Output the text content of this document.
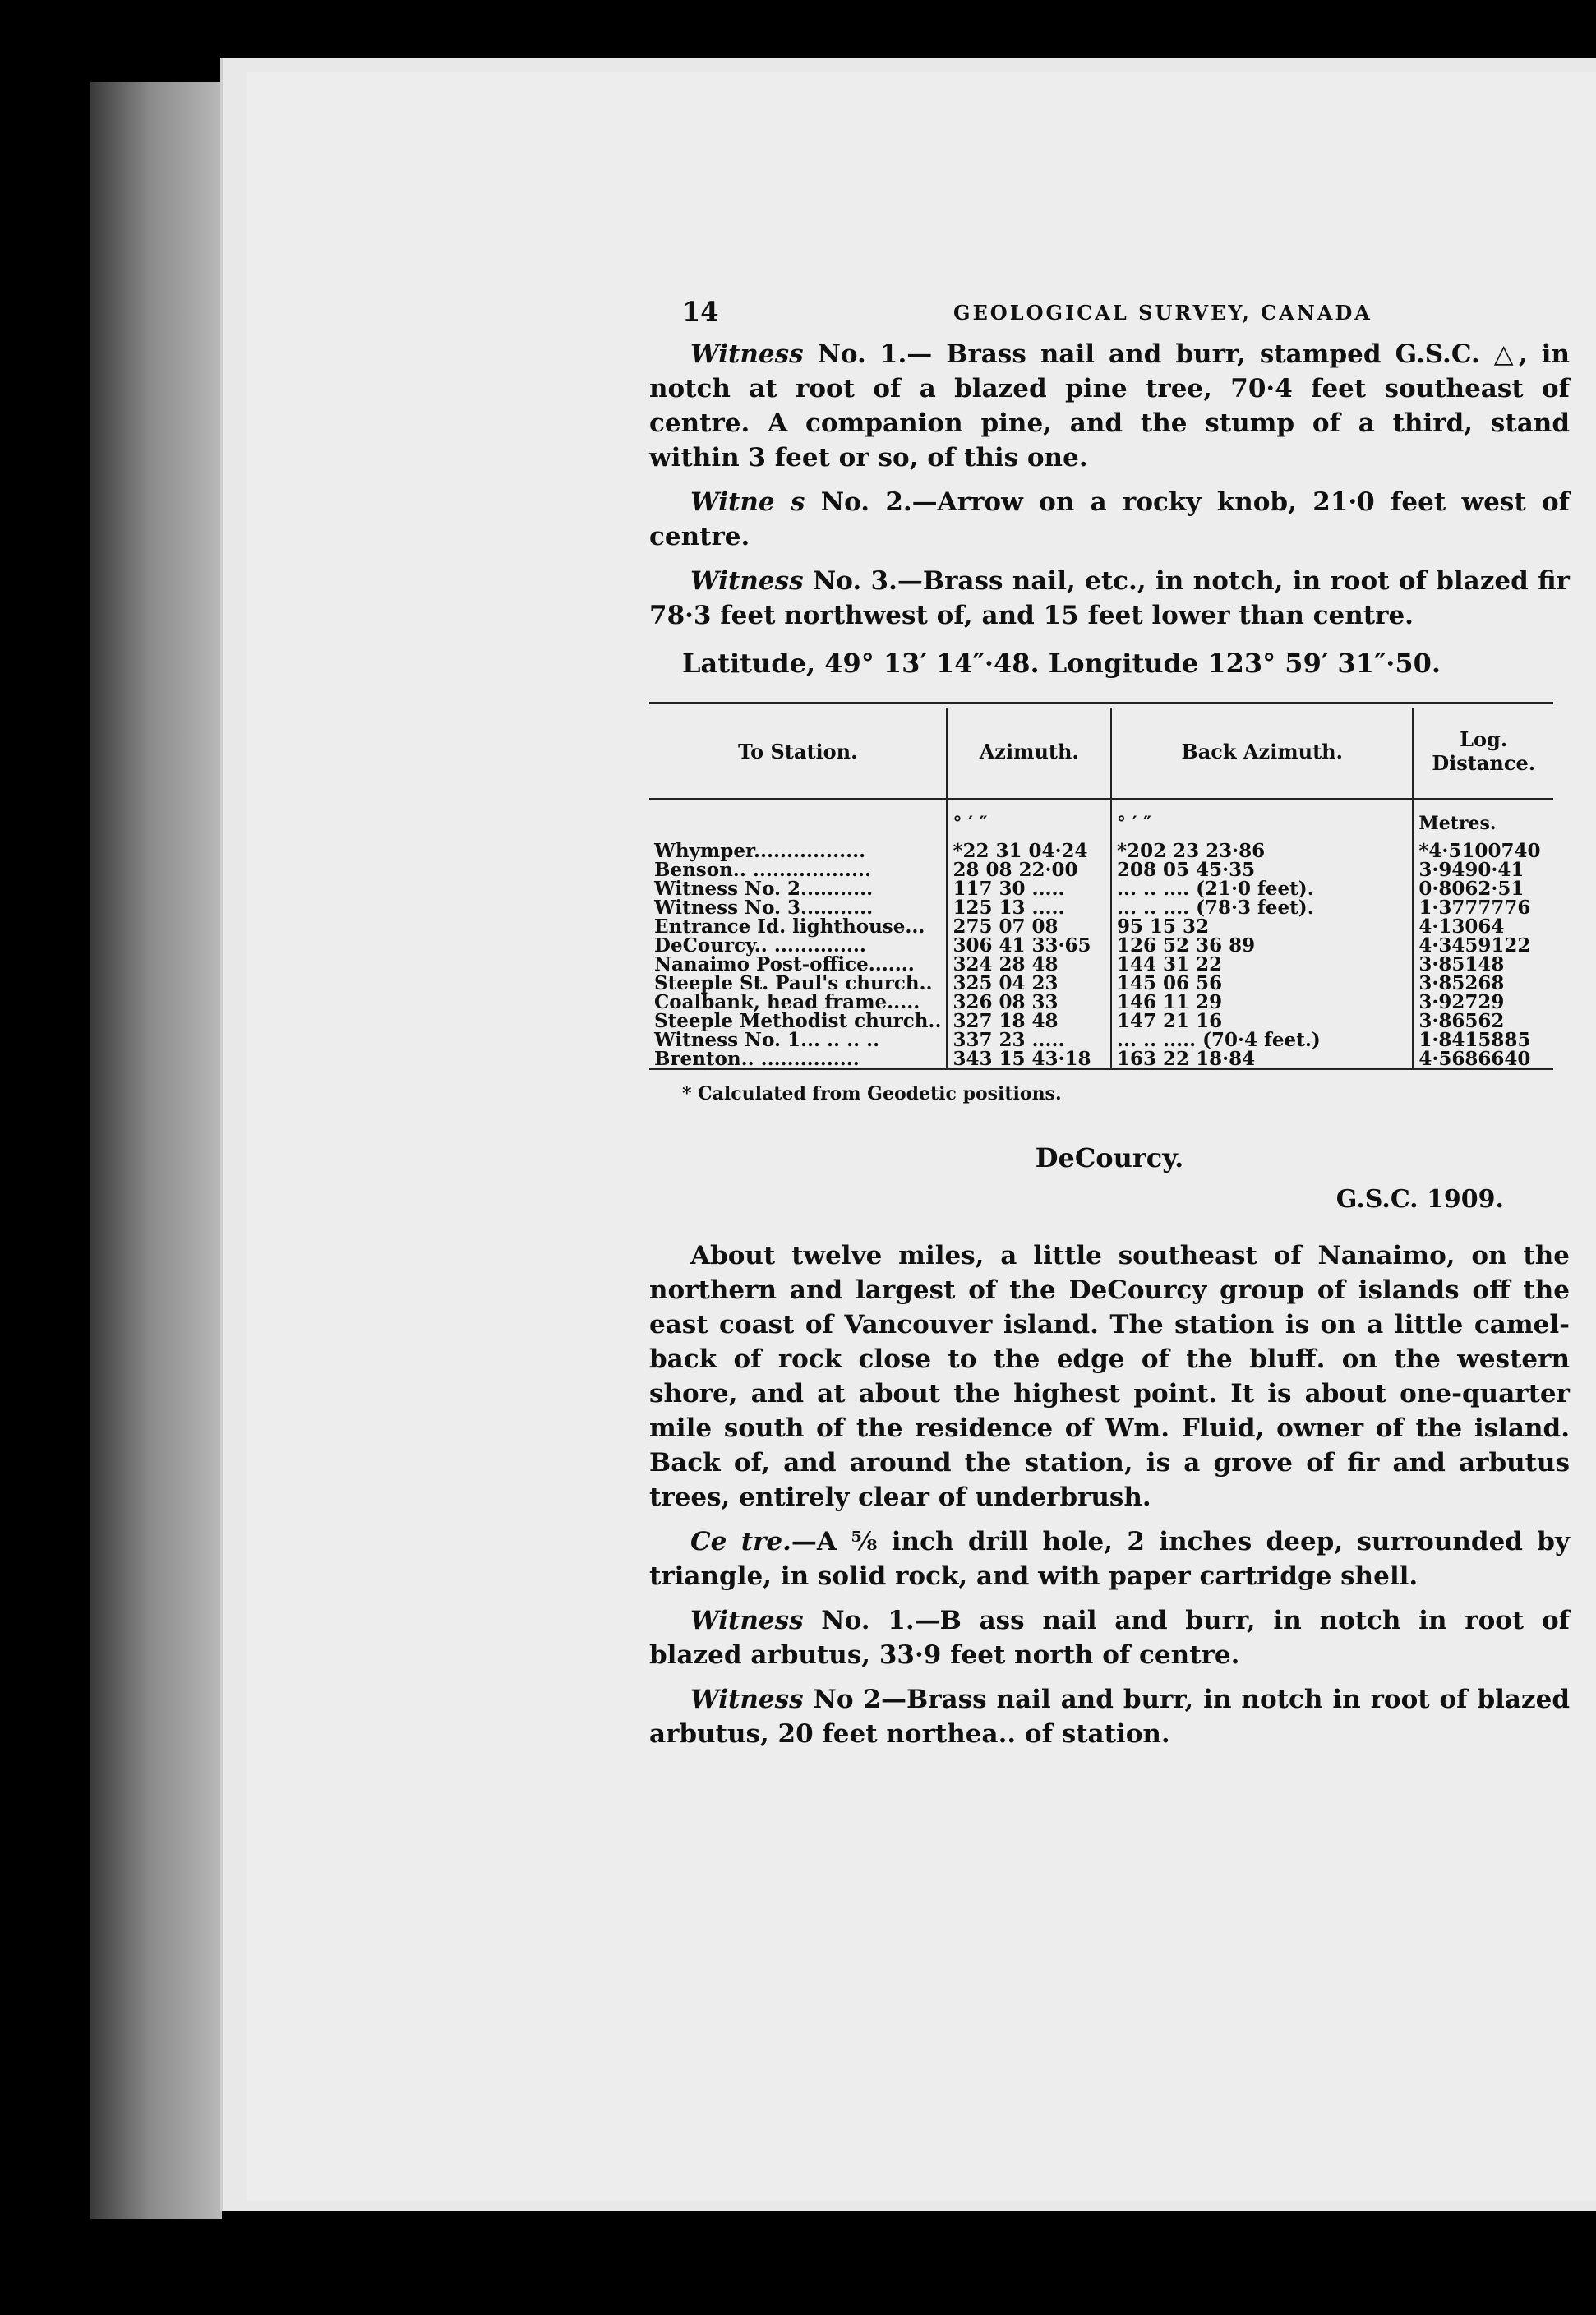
14	GEOLOGICAL SURVEY, CANADA

Witness No. 1.— Brass nail and burr, stamped G.S.C. △, in notch at root of a blazed pine tree, 70·4 feet southeast of centre. A companion pine, and the stump of a third, stand within 3 feet or so, of this one.

Witne s No. 2.—Arrow on a rocky knob, 21·0 feet west of centre.

Witness No. 3.—Brass nail, etc., in notch, in root of blazed fir 78·3 feet northwest of, and 15 feet lower than centre.

Latitude, 49° 13′ 14″·48. Longitude 123° 59′ 31″·50.

To Station.	Azimuth.	Back Azimuth.	Log. Distance.
	° ′ ″	° ′ ″	Metres.
Whymper.................	*22 31 04·24	*202 23 23·86	*4·5100740
Benson.. ..................	28 08 22·00	208 05 45·35	3·9490·41
Witness No. 2...........	117 30 .....	... .. .... (21·0 feet).	0·8062·51
Witness No. 3...........	125 13 .....	... .. .... (78·3 feet).	1·3777776
Entrance Id. lighthouse...	275 07 08	95 15 32	4·13064
DeCourcy.. ..............	306 41 33·65	126 52 36 89	4·3459122
Nanaimo Post-office.......	324 28 48	144 31 22	3·85148
Steeple St. Paul's church..	325 04 23	145 06 56	3·85268
Coalbank, head frame.....	326 08 33	146 11 29	3·92729
Steeple Methodist church..	327 18 48	147 21 16	3·86562
Witness No. 1... .. .. ..	337 23 .....	... .. ..... (70·4 feet.)	1·8415885
Brenton.. ...............	343 15 43·18	163 22 18·84	4·5686640

* Calculated from Geodetic positions.
DeCourcy.
G.S.C. 1909.

About twelve miles, a little southeast of Nanaimo, on the northern and largest of the DeCourcy group of islands off the east coast of Vancouver island. The station is on a little camel-back of rock close to the edge of the bluff. on the western shore, and at about the highest point. It is about one-quarter mile south of the residence of Wm. Fluid, owner of the island. Back of, and around the station, is a grove of fir and arbutus trees, entirely clear of underbrush.

Ce tre.—A ⅝ inch drill hole, 2 inches deep, surrounded by triangle, in solid rock, and with paper cartridge shell.

Witness No. 1.—B ass nail and burr, in notch in root of blazed arbutus, 33·9 feet north of centre.

Witness No 2—Brass nail and burr, in notch in root of blazed arbutus, 20 feet northea.. of station.
